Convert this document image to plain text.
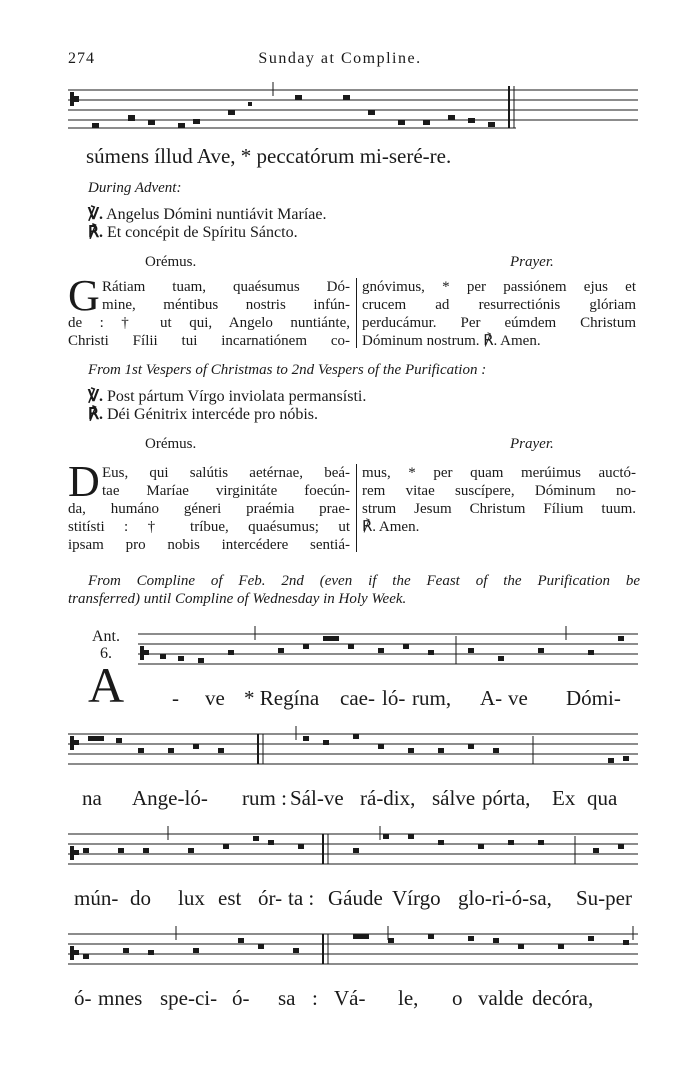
274	Sunday at Compline.
súmens íllud Ave, * peccatórum mi-seré-re.
During Advent:
℣. Angelus Dómini nuntiávit Maríae.
℟. Et concépit de Spíritu Sáncto.
Orémus.	Prayer.
G Rátiam tuam, quaésumus Dó-
mine, méntibus nostris infún-
de : † ut qui, Angelo nuntiánte,
Christi Fílii tui incarnatiónem co-
gnóvimus, * per passiónem ejus et
crucem ad resurrectiónis glóriam
perducámur. Per eúmdem Christum
Dóminum nostrum. ℟. Amen.
From 1st Vespers of Christmas to 2nd Vespers of the Purification :
℣. Post pártum Vírgo inviolata permansísti.
℟. Déi Génitrix intercéde pro nóbis.
Orémus.	Prayer.
D Eus, qui salútis aetérnae, beá-
tae Maríae virginitáte foecún-
da, humáno géneri praémia prae-
stitísti : † tríbue, quaésumus; ut
ipsam pro nobis intercédere sentiá-
mus, * per quam merúimus auctó-
rem vitae suscípere, Dóminum no-
strum Jesum Christum Fílium tuum.
℟. Amen.
From Compline of Feb. 2nd (even if the Feast of the Purification be
transferred) until Compline of Wednesday in Holy Week.
Ant.
6.
A - ve * Regína cae- ló- rum, A- ve Dómi-
na Ange-ló- rum : Sál-ve rá-dix, sálve pórta, Ex qua
mún- do lux est ór- ta : Gáude Vírgo glo-ri-ó-sa, Su-per
ó- mnes spe-ci- ó- sa : Vá- le, o valde decóra,
